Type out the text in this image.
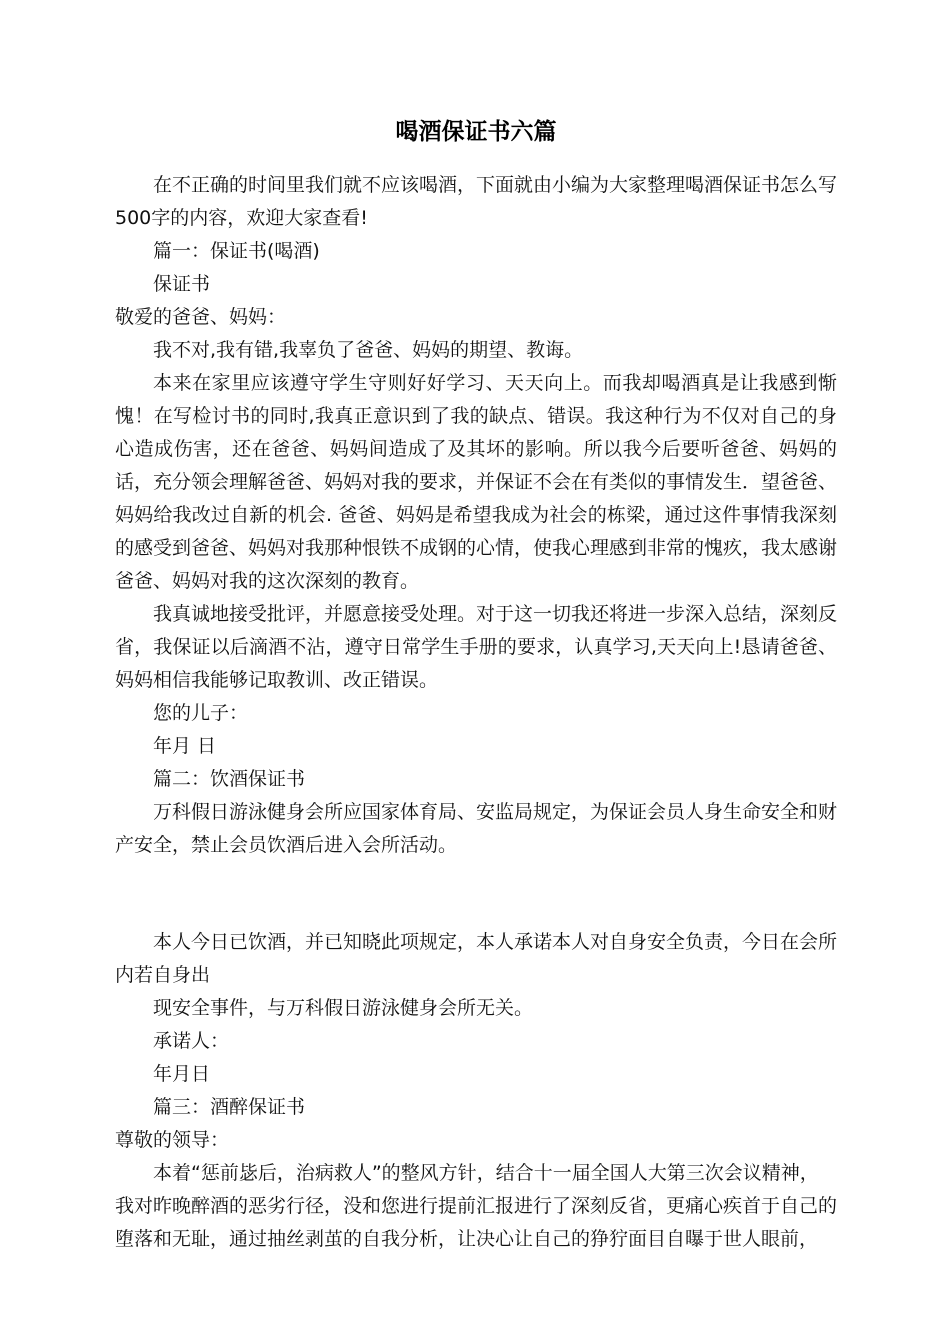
喝酒保证书六篇

在不正确的时间里我们就不应该喝酒，下面就由小编为大家整理喝酒保证书怎么写500字的内容，欢迎大家查看!

篇一：保证书(喝酒)

保证书

敬爱的爸爸、妈妈：

我不对,我有错,我辜负了爸爸、妈妈的期望、教诲。

本来在家里应该遵守学生守则好好学习、天天向上。而我却喝酒真是让我感到惭愧！在写检讨书的同时,我真正意识到了我的缺点、错误。我这种行为不仅对自己的身心造成伤害，还在爸爸、妈妈间造成了及其坏的影响。所以我今后要听爸爸、妈妈的话，充分领会理解爸爸、妈妈对我的要求，并保证不会在有类似的事情发生．望爸爸、妈妈给我改过自新的机会. 爸爸、妈妈是希望我成为社会的栋梁，通过这件事情我深刻的感受到爸爸、妈妈对我那种恨铁不成钢的心情，使我心理感到非常的愧疚，我太感谢爸爸、妈妈对我的这次深刻的教育。

我真诚地接受批评，并愿意接受处理。对于这一切我还将进一步深入总结，深刻反省，我保证以后滴酒不沾，遵守日常学生手册的要求，认真学习,天天向上!恳请爸爸、妈妈相信我能够记取教训、改正错误。

您的儿子：

年月 日

篇二：饮酒保证书

万科假日游泳健身会所应国家体育局、安监局规定，为保证会员人身生命安全和财产安全，禁止会员饮酒后进入会所活动。

本人今日已饮酒，并已知晓此项规定，本人承诺本人对自身安全负责，今日在会所内若自身出

现安全事件，与万科假日游泳健身会所无关。

承诺人：

年月日

篇三：酒醉保证书

尊敬的领导：

本着“惩前毖后，治病救人”的整风方针，结合十一届全国人大第三次会议精神，

我对昨晚醉酒的恶劣行径，没和您进行提前汇报进行了深刻反省，更痛心疾首于自己的堕落和无耻，通过抽丝剥茧的自我分析，让决心让自己的狰狞面目自曝于世人眼前，
